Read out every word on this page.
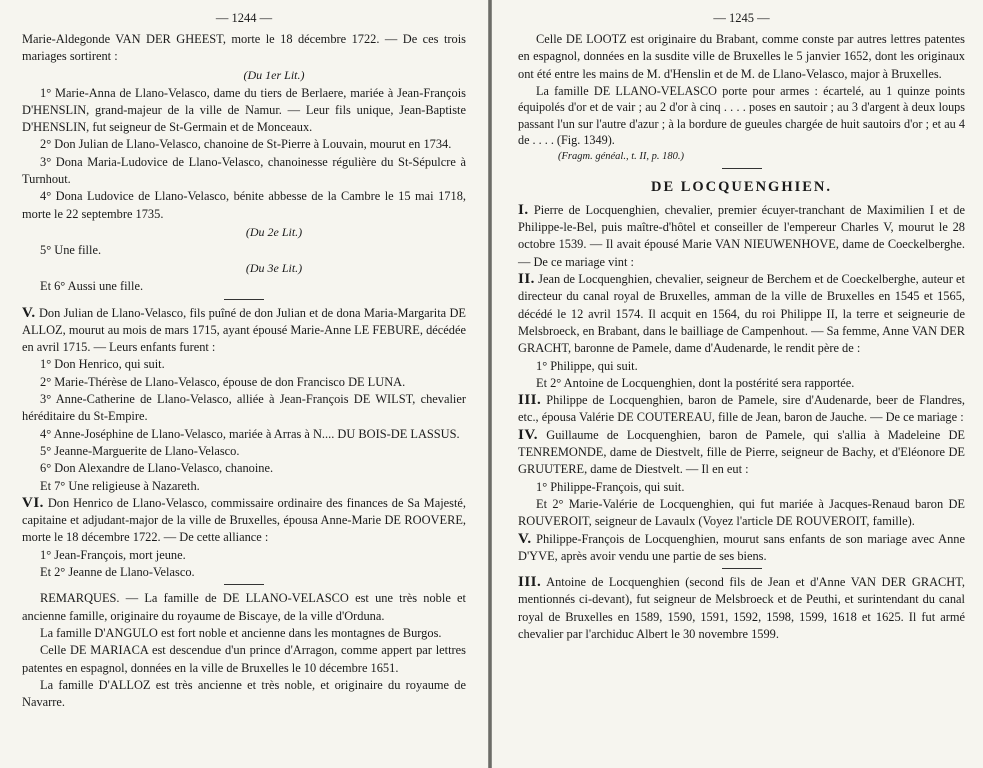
— 1244 —

Marie-Aldegonde VAN DER GHEEST, morte le 18 décembre 1722. — De ces trois mariages sortirent :

(Du 1er Lit.)

1° Marie-Anna de Llano-Velasco, dame du tiers de Berlaere, mariée à Jean-François D'HENSLIN, grand-majeur de la ville de Namur. — Leur fils unique, Jean-Baptiste D'HENSLIN, fut seigneur de St-Germain et de Monceaux.

2° Don Julian de Llano-Velasco, chanoine de St-Pierre à Louvain, mourut en 1734.

3° Dona Maria-Ludovice de Llano-Velasco, chanoinesse régulière du St-Sépulcre à Turnhout.

4° Dona Ludovice de Llano-Velasco, bénite abbesse de la Cambre le 15 mai 1718, morte le 22 septembre 1735.

(Du 2e Lit.)

5° Une fille.

(Du 3e Lit.)

Et 6° Aussi une fille.

V. Don Julian de Llano-Velasco, fils puîné de don Julian et de dona Maria-Margarita DE ALLOZ, mourut au mois de mars 1715, ayant épousé Marie-Anne LE FEBURE, décédée en avril 1715. — Leurs enfants furent :

1° Don Henrico, qui suit.

2° Marie-Thérèse de Llano-Velasco, épouse de don Francisco DE LUNA.

3° Anne-Catherine de Llano-Velasco, alliée à Jean-François DE WILST, chevalier héréditaire du St-Empire.

4° Anne-Joséphine de Llano-Velasco, mariée à Arras à N.... DU BOIS-DE LASSUS.

5° Jeanne-Marguerite de Llano-Velasco.

6° Don Alexandre de Llano-Velasco, chanoine.

Et 7° Une religieuse à Nazareth.

VI. Don Henrico de Llano-Velasco, commissaire ordinaire des finances de Sa Majesté, capitaine et adjudant-major de la ville de Bruxelles, épousa Anne-Marie DE ROOVERE, morte le 18 décembre 1722. — De cette alliance :

1° Jean-François, mort jeune.

Et 2° Jeanne de Llano-Velasco.

REMARQUES. — La famille de DE LLANO-VELASCO est une très noble et ancienne famille, originaire du royaume de Biscaye, de la ville d'Orduna.

La famille D'ANGULO est fort noble et ancienne dans les montagnes de Burgos.

Celle DE MARIACA est descendue d'un prince d'Arragon, comme appert par lettres patentes en espagnol, données en la ville de Bruxelles le 10 décembre 1651.

La famille D'ALLOZ est très ancienne et très noble, et originaire du royaume de Navarre.

— 1245 —

Celle DE LOOTZ est originaire du Brabant, comme conste par autres lettres patentes en espagnol, données en la susdite ville de Bruxelles le 5 janvier 1652, dont les originaux ont été entre les mains de M. d'Henslin et de M. de Llano-Velasco, major à Bruxelles.

La famille DE LLANO-VELASCO porte pour armes : écartelé, au 1 quinze points équipolés d'or et de vair ; au 2 d'or à cinq . . . . poses en sautoir ; au 3 d'argent à deux loups passant l'un sur l'autre d'azur ; à la bordure de gueules chargée de huit sautoirs d'or ; et au 4 de . . . . (Fig. 1349).

(Fragm. généal., t. II, p. 180.)
DE LOCQUENGHIEN.

I. Pierre de Locquenghien, chevalier, premier écuyer-tranchant de Maximilien I et de Philippe-le-Bel, puis maître-d'hôtel et conseiller de l'empereur Charles V, mourut le 28 octobre 1539. — Il avait épousé Marie VAN NIEUWENHOVE, dame de Coeckelberghe. — De ce mariage vint :

II. Jean de Locquenghien, chevalier, seigneur de Berchem et de Coeckelberghe, auteur et directeur du canal royal de Bruxelles, amman de la ville de Bruxelles en 1545 et 1565, décédé le 12 avril 1574. Il acquit en 1564, du roi Philippe II, la terre et seigneurie de Melsbroeck, en Brabant, dans le bailliage de Campenhout. — Sa femme, Anne VAN DER GRACHT, baronne de Pamele, dame d'Audenarde, le rendit père de :

1° Philippe, qui suit.

Et 2° Antoine de Locquenghien, dont la postérité sera rapportée.

III. Philippe de Locquenghien, baron de Pamele, sire d'Audenarde, beer de Flandres, etc., épousa Valérie DE COUTEREAU, fille de Jean, baron de Jauche. — De ce mariage :

IV. Guillaume de Locquenghien, baron de Pamele, qui s'allia à Madeleine DE TENREMONDE, dame de Diestvelt, fille de Pierre, seigneur de Bachy, et d'Eléonore DE GRUUTERE, dame de Diestvelt. — Il en eut :

1° Philippe-François, qui suit.

Et 2° Marie-Valérie de Locquenghien, qui fut mariée à Jacques-Renaud baron DE ROUVEROIT, seigneur de Lavaulx (Voyez l'article DE ROUVEROIT, famille).

V. Philippe-François de Locquenghien, mourut sans enfants de son mariage avec Anne D'YVE, après avoir vendu une partie de ses biens.

III. Antoine de Locquenghien (second fils de Jean et d'Anne VAN DER GRACHT, mentionnés ci-devant), fut seigneur de Melsbroeck et de Peuthi, et surintendant du canal royal de Bruxelles en 1589, 1590, 1591, 1592, 1598, 1599, 1618 et 1625. Il fut armé chevalier par l'archiduc Albert le 30 novembre 1599.
